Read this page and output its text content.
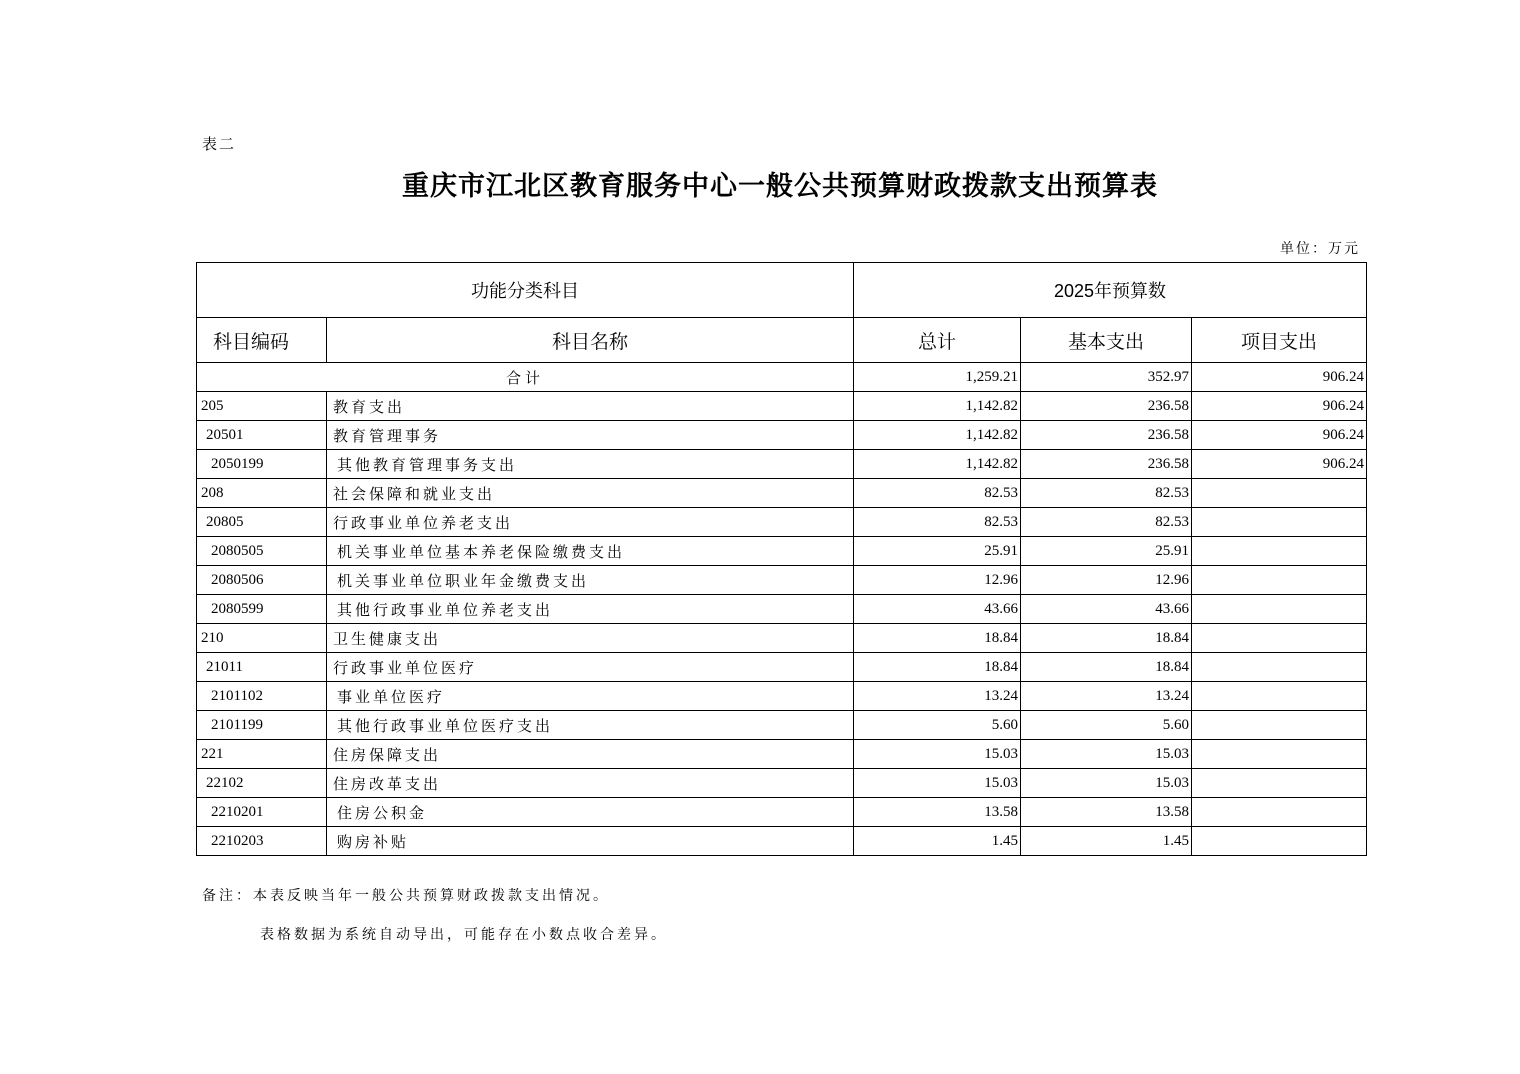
表二
重庆市江北区教育服务中心一般公共预算财政拨款支出预算表
单位：万元
功能分类科目		2025年预算数		
科目编码	科目名称	总计	基本支出	项目支出
合计		1,259.21	352.97	906.24
205	教育支出	1,142.82	236.58	906.24
20501	教育管理事务	1,142.82	236.58	906.24
2050199	其他教育管理事务支出	1,142.82	236.58	906.24
208	社会保障和就业支出	82.53	82.53	
20805	行政事业单位养老支出	82.53	82.53	
2080505	机关事业单位基本养老保险缴费支出	25.91	25.91	
2080506	机关事业单位职业年金缴费支出	12.96	12.96	
2080599	其他行政事业单位养老支出	43.66	43.66	
210	卫生健康支出	18.84	18.84	
21011	行政事业单位医疗	18.84	18.84	
2101102	事业单位医疗	13.24	13.24	
2101199	其他行政事业单位医疗支出	5.60	5.60	
221	住房保障支出	15.03	15.03	
22102	住房改革支出	15.03	15.03	
2210201	住房公积金	13.58	13.58	
2210203	购房补贴	1.45	1.45	

备注：本表反映当年一般公共预算财政拨款支出情况。

表格数据为系统自动导出，可能存在小数点收合差异。
